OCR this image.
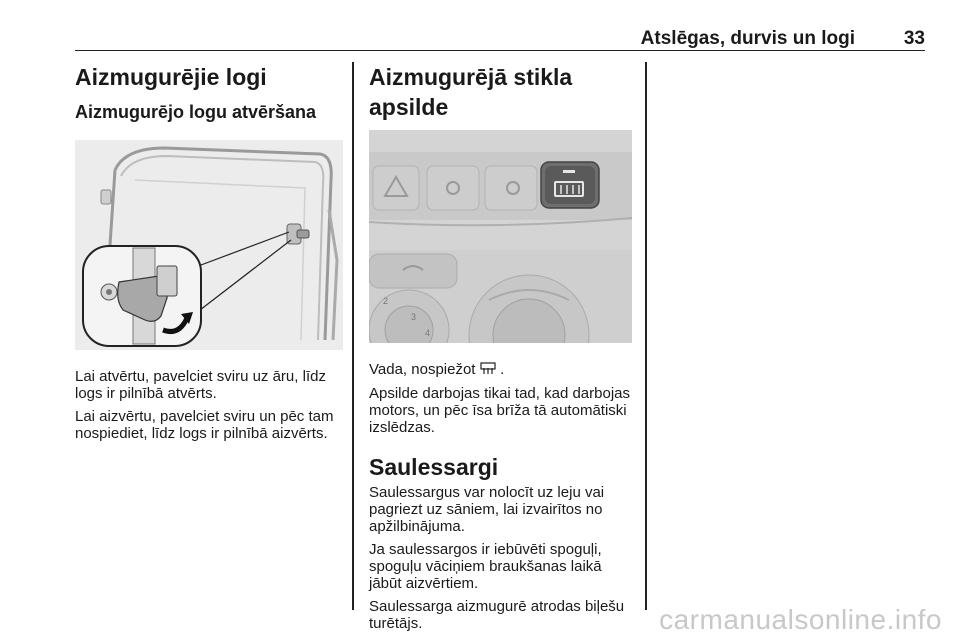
Atslēgas, durvis un logi	33
Aizmugurējie logi
Aizmugurējo logu atvēršana

Lai atvērtu, pavelciet sviru uz āru, līdz logs ir pilnībā atvērts.

Lai aizvērtu, pavelciet sviru un pēc tam nospiediet, līdz logs ir pilnībā aizvērts.

Aizmugurējā stikla apsilde
2
3
4

Vada, nospiežot .

Apsilde darbojas tikai tad, kad darbojas motors, un pēc īsa brīža tā automātiski izslēdzas.

Saulessargi

Saulessargus var nolocīt uz leju vai pagriezt uz sāniem, lai izvairītos no apžilbinājuma.

Ja saulessargos ir iebūvēti spoguļi, spoguļu vāciņiem braukšanas laikā jābūt aizvērtiem.

Saulessarga aizmugurē atrodas biļešu turētājs.	carmanualsonline.info
